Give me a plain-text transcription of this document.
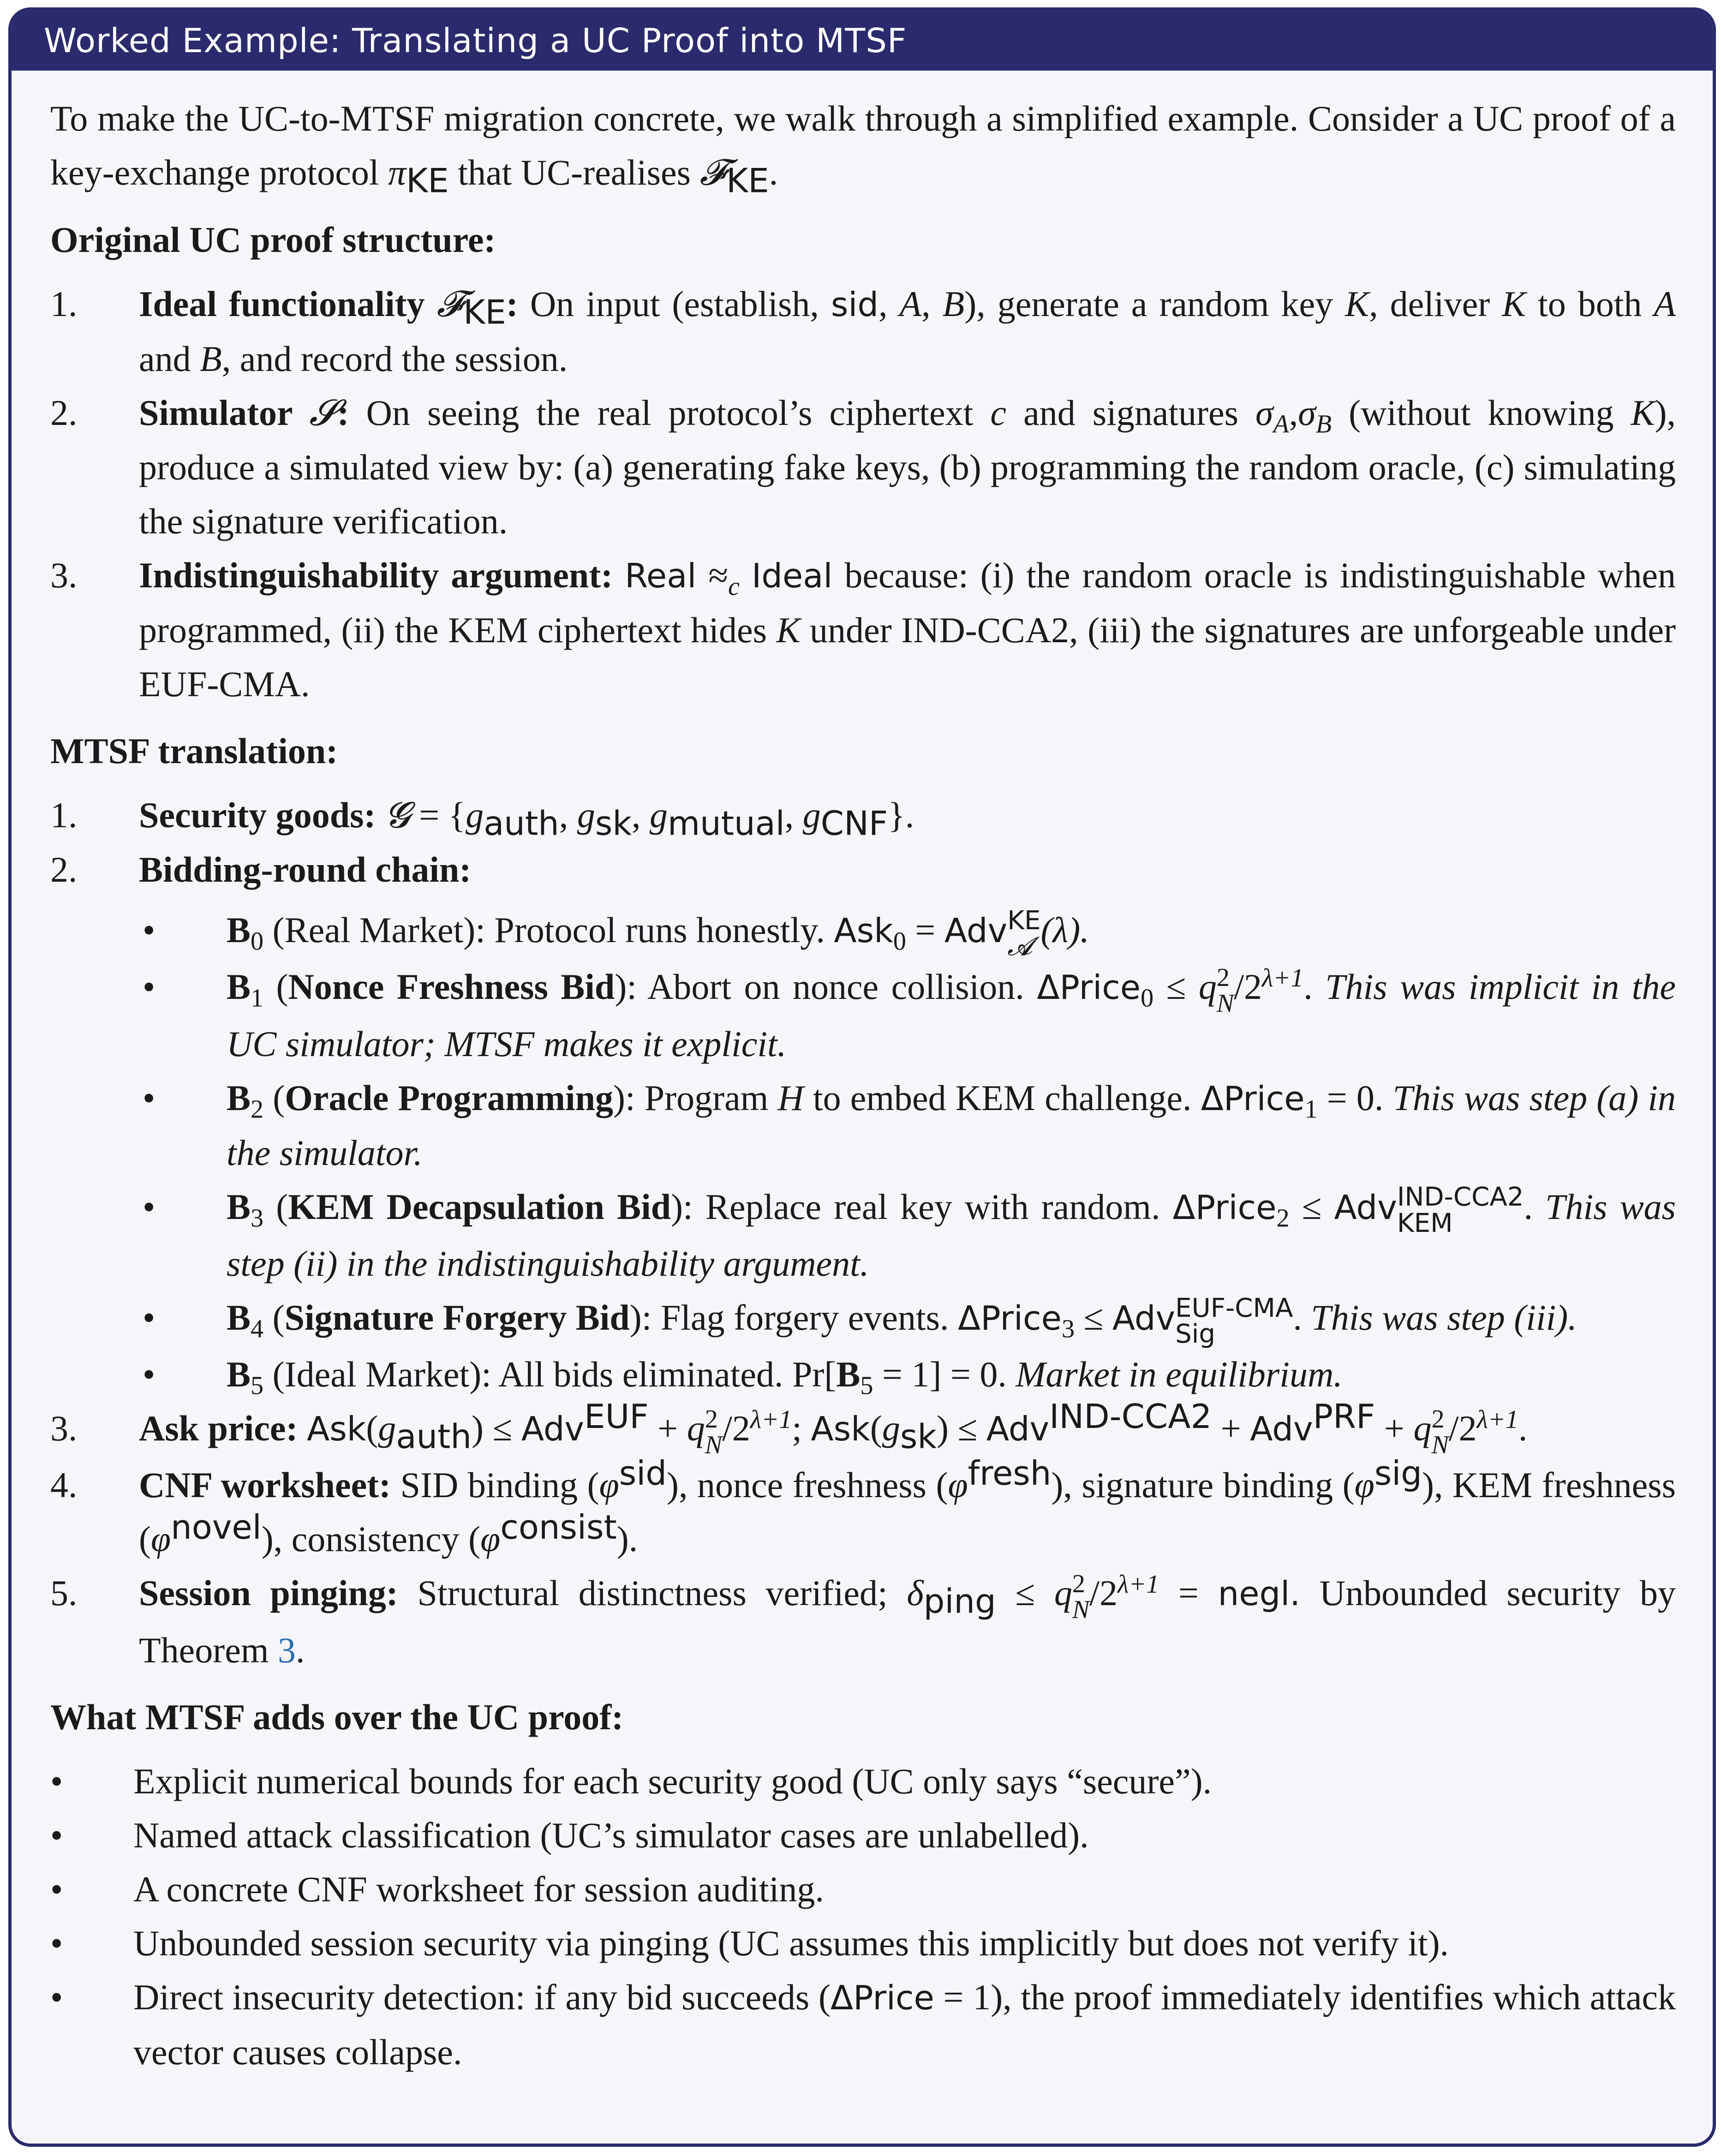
Worked Example: Translating a UC Proof into MTSF

To make the UC-to-MTSF migration concrete, we walk through a simplified example. Consider a UC proof of a key-exchange protocol $\pi_{KE}$ that UC-realises 𝓕$_{KE}$.

Original UC proof structure:

1. Ideal functionality 𝓕$_{KE}$: On input (establish, sid, A, B), generate a random key K, deliver K to both A and B, and record the session.
2. Simulator 𝓢: On seeing the real protocol’s ciphertext c and signatures $\sigma_A,\sigma_B$ (without knowing K), produce a simulated view by: (a) generating fake keys, (b) programming the random oracle, (c) simulating the signature verification.
3. Indistinguishability argument: Real $\approx_c$ Ideal because: (i) the random oracle is indistinguishable when programmed, (ii) the KEM ciphertext hides K under IND-CCA2, (iii) the signatures are unforgeable under EUF-CMA.

MTSF translation:

1. Security goods: 𝓖 = {$g_{auth}$, $g_{sk}$, $g_{mutual}$, $g_{CNF}$}.
2. Bidding-round chain:
• $B_0$ (Real Market): Protocol runs honestly. Ask$_0$ = Adv KE
𝓐 (λ).
• $B_1$ (Nonce Freshness Bid): Abort on nonce collision. ΔPrice$_0$ ≤ q 2
N $/2^{\lambda+1}$. This was implicit in the UC simulator; MTSF makes it explicit.
• $B_2$ (Oracle Programming): Program H to embed KEM challenge. ΔPrice$_1$ = 0. This was step (a) in the simulator.
• $B_3$ (KEM Decapsulation Bid): Replace real key with random. ΔPrice$_2$ ≤ Adv IND-CCA2
KEM	. This was step (ii) in the indistinguishability argument.
• $B_4$ (Signature Forgery Bid): Flag forgery events. ΔPrice$_3$ ≤ Adv EUF-CMA
Sig	. This was step (iii).
• $B_5$ (Ideal Market): All bids eliminated. $Pr[B_5 = 1] = 0$. Market in equilibrium.
3. Ask price: $Ask(g_{auth}) \le Adv^{EUF} + q$ 2
N $/2^{\lambda+1}$; $Ask(g_{sk}) \le Adv^{IND-CCA2} + Adv^{PRF} + q$ 2
N $/2^{\lambda+1}$.
4. CNF worksheet: SID binding $(\varphi^{sid})$, nonce freshness $(\varphi^{fresh})$, signature binding $(\varphi^{sig})$, KEM freshness $(\varphi^{novel})$, consistency $(\varphi^{consist})$.
5. Session pinging: Structural distinctness verified; $\delta_{ping} \le q$ 2
N $/2^{\lambda+1}$ = negl. Unbounded security by Theorem 3.

What MTSF adds over the UC proof:

• Explicit numerical bounds for each security good (UC only says “secure”).
• Named attack classification (UC’s simulator cases are unlabelled).
• A concrete CNF worksheet for session auditing.
• Unbounded session security via pinging (UC assumes this implicitly but does not verify it).
• Direct insecurity detection: if any bid succeeds (ΔPrice = 1), the proof immediately identifies which attack vector causes collapse.
